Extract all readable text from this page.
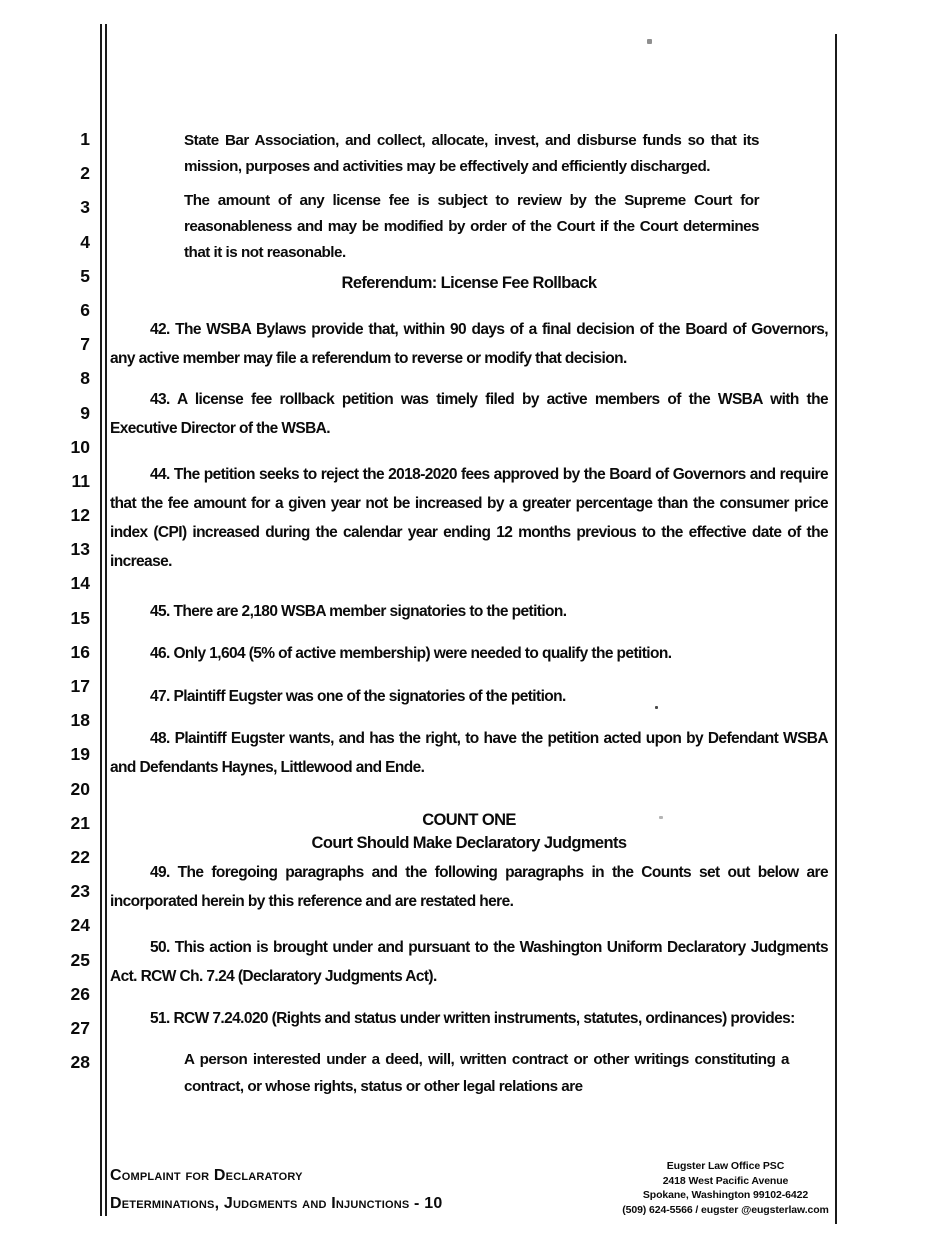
1
2
3
4
5
6
7
8
9
10
11
12
13
14
15
16
17
18
19
20
21
22
23
24
25
26
27
28
State Bar Association, and collect, allocate, invest, and disburse funds so that its mission, purposes and activities may be effectively and efficiently discharged.
The amount of any license fee is subject to review by the Supreme Court for reasonableness and may be modified by order of the Court if the Court determines that it is not reasonable.
Referendum: License Fee Rollback
42. The WSBA Bylaws provide that, within 90 days of a final decision of the Board of Governors, any active member may file a referendum to reverse or modify that decision.
43. A license fee rollback petition was timely filed by active members of the WSBA with the Executive Director of the WSBA.
44. The petition seeks to reject the 2018-2020 fees approved by the Board of Governors and require that the fee amount for a given year not be increased by a greater percentage than the consumer price index (CPI) increased during the calendar year ending 12 months previous to the effective date of the increase.
45. There are 2,180 WSBA member signatories to the petition.
46. Only 1,604 (5% of active membership) were needed to qualify the petition.
47. Plaintiff Eugster was one of the signatories of the petition.
48. Plaintiff Eugster wants, and has the right, to have the petition acted upon by Defendant WSBA and Defendants Haynes, Littlewood and Ende.
COUNT ONE
Court Should Make Declaratory Judgments
49. The foregoing paragraphs and the following paragraphs in the Counts set out below are incorporated herein by this reference and are restated here.
50. This action is brought under and pursuant to the Washington Uniform Declaratory Judgments Act. RCW Ch. 7.24 (Declaratory Judgments Act).
51. RCW 7.24.020 (Rights and status under written instruments, statutes, ordinances) provides:
A person interested under a deed, will, written contract or other writings constituting a contract, or whose rights, status or other legal relations are
Complaint for Declaratory
Determinations, Judgments and Injunctions - 10
Eugster Law Office PSC
2418 West Pacific Avenue
Spokane, Washington 99102-6422
(509) 624-5566 / eugster @eugsterlaw.com
